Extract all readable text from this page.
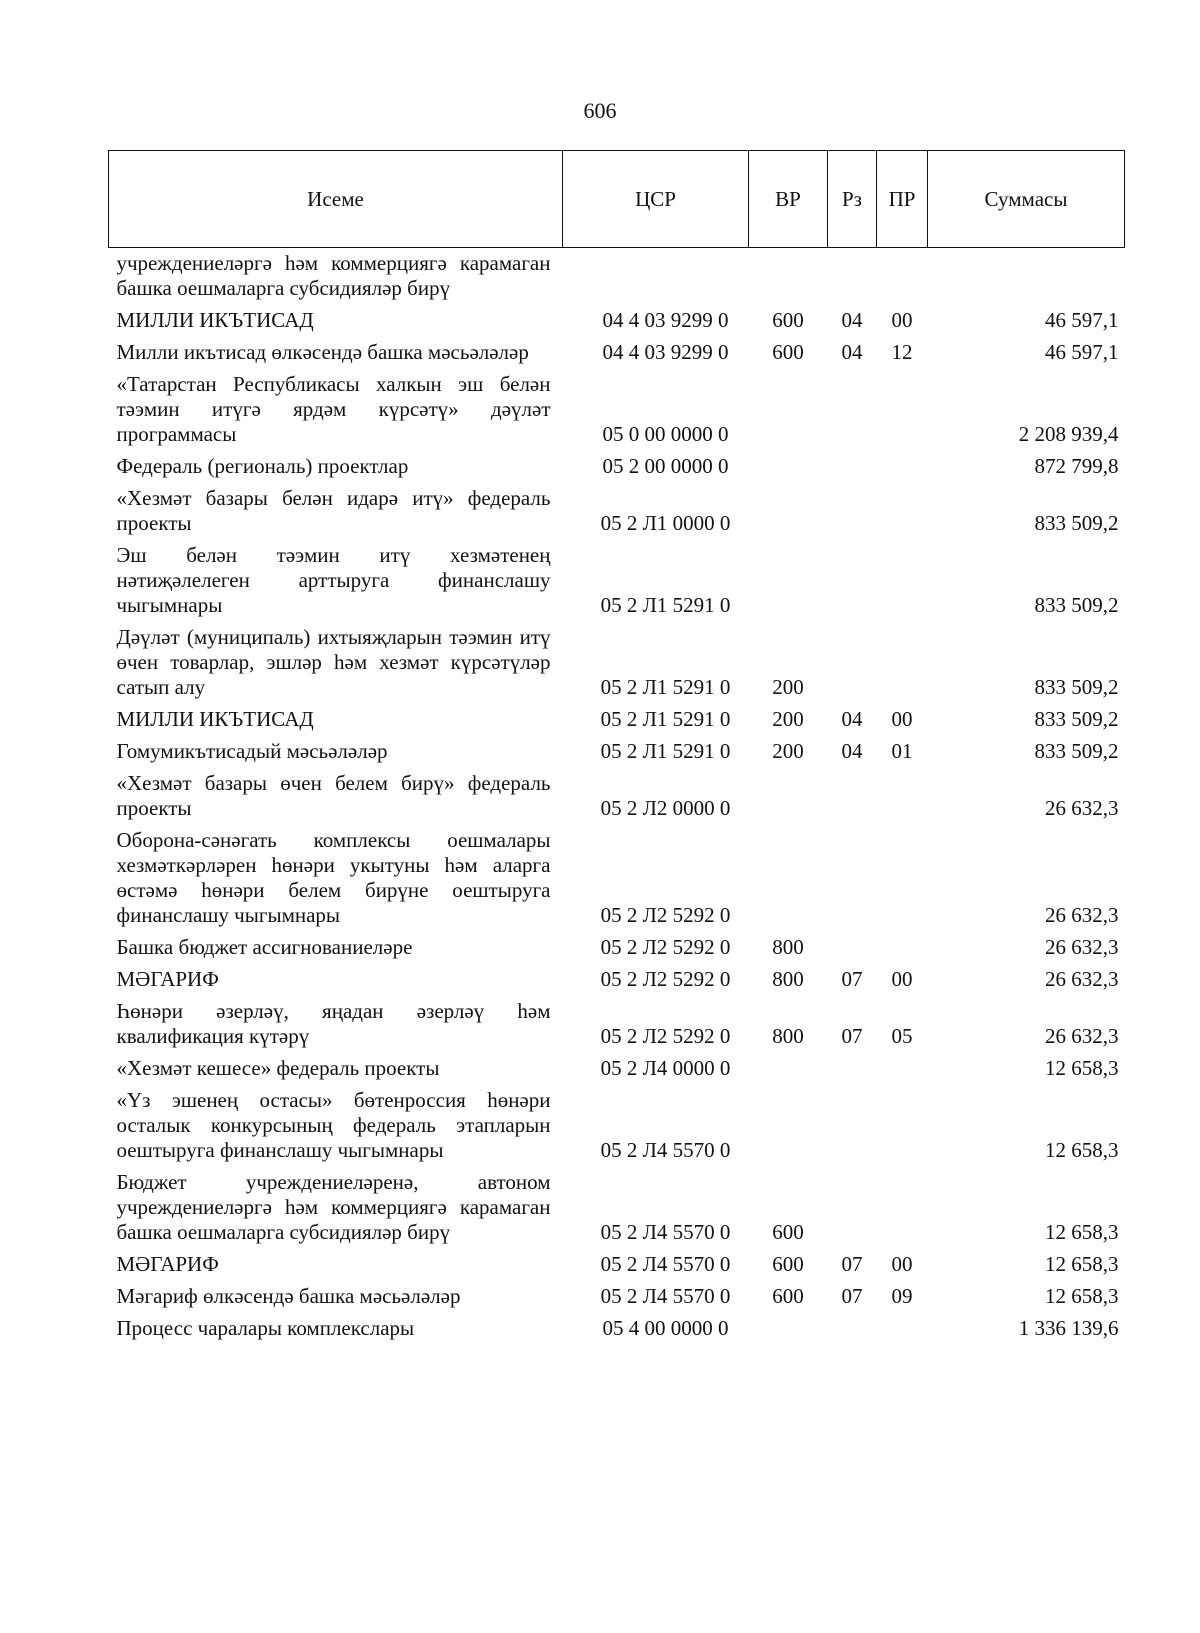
606
Исеме	ЦСР	ВР	Рз	ПР	Суммасы
учреждениеләргә һәм коммерциягә карамаган башка оешмаларга субсидияләр бирү					
МИЛЛИ ИКЪТИСАД	04 4 03 9299 0	600	04	00	46 597,1
Милли икътисад өлкәсендә башка мәсьәләләр	04 4 03 9299 0	600	04	12	46 597,1
«Татарстан Республикасы халкын эш белән тәэмин итүгә ярдәм күрсәтү» дәүләт программасы	05 0 00 0000 0				2 208 939,4
Федераль (региональ) проектлар	05 2 00 0000 0				872 799,8
«Хезмәт базары белән идарә итү» федераль проекты	05 2 Л1 0000 0				833 509,2
Эш белән тәэмин итү хезмәтенең нәтиҗәлелеген арттыруга финанслашу чыгымнары	05 2 Л1 5291 0				833 509,2
Дәүләт (муниципаль) ихтыяҗларын тәэмин итү өчен товарлар, эшләр һәм хезмәт күрсәтүләр сатып алу	05 2 Л1 5291 0	200			833 509,2
МИЛЛИ ИКЪТИСАД	05 2 Л1 5291 0	200	04	00	833 509,2
Гомумикътисадый мәсьәләләр	05 2 Л1 5291 0	200	04	01	833 509,2
«Хезмәт базары өчен белем бирү» федераль проекты	05 2 Л2 0000 0				26 632,3
Оборона-сәнәгать комплексы оешмалары хезмәткәрләрен һөнәри укытуны һәм аларга өстәмә һөнәри белем бирүне оештыруга финанслашу чыгымнары	05 2 Л2 5292 0				26 632,3
Башка бюджет ассигнованиеләре	05 2 Л2 5292 0	800			26 632,3
МӘГАРИФ	05 2 Л2 5292 0	800	07	00	26 632,3
Һөнәри әзерләү, яңадан әзерләү һәм квалификация күтәрү	05 2 Л2 5292 0	800	07	05	26 632,3
«Хезмәт кешесе» федераль проекты	05 2 Л4 0000 0				12 658,3
«Үз эшенең остасы» бөтенроссия һөнәри осталык конкурсының федераль этапларын оештыруга финанслашу чыгымнары	05 2 Л4 5570 0				12 658,3
Бюджет учреждениеләренә, автоном учреждениеләргә һәм коммерциягә карамаган башка оешмаларга субсидияләр бирү	05 2 Л4 5570 0	600			12 658,3
МӘГАРИФ	05 2 Л4 5570 0	600	07	00	12 658,3
Мәгариф өлкәсендә башка мәсьәләләр	05 2 Л4 5570 0	600	07	09	12 658,3
Процесс чаралары комплекслары	05 4 00 0000 0				1 336 139,6
